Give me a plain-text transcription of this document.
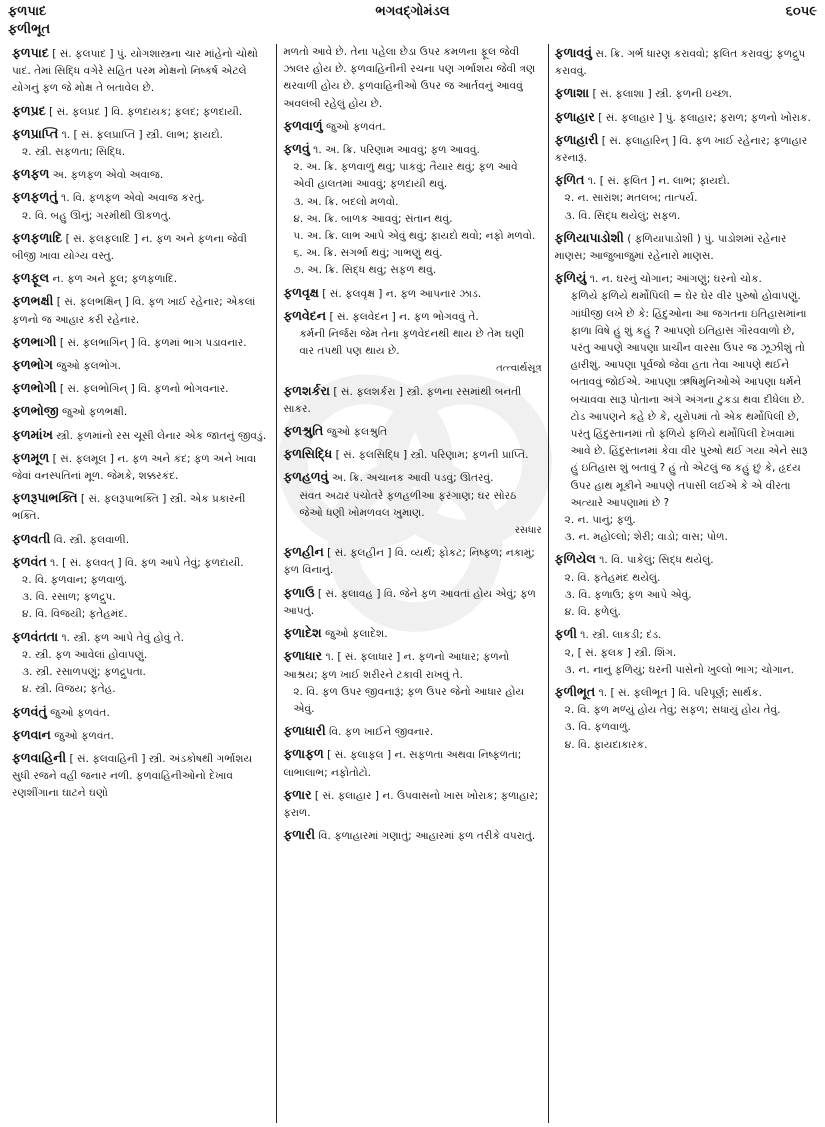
ફળપાદ	ભગવદ્ગોમંડલ	૬૦૫૯
ફળીભૂત
ફળપાદ [ સં. ફલપાદ ] પું. યોગશાસ્ત્રના ચાર માંહેનો ચોથો પાદ. તેમાં સિદ્ધિ વગેરે સહિત પરમ મોક્ષનો નિષ્કર્ષ એટલે યોગનું ફળ જે મોક્ષ તે બતાવેલ છે.
ફળપ્રદ [ સં. ફલપ્રદ ] વિ. ફળદાયક; ફલદ; ફળદાયી.
ફળપ્રાપ્તિ ૧. [ સં. ફલપ્રાપ્તિ ] સ્ત્રી. લાભ; ફાયદો.
૨. સ્ત્રી. સફળતા; સિદ્ધિ.
ફળફળ અ. ફળફળ એવો અવાજ.
ફળફળતું ૧. વિ. ફળફળ એવો અવાજ કરતું.
૨. વિ. બહુ ઊનું; ગરમીથી ઊકળતું.
ફળફળાદિ [ સં. ફલફલાદિ ] ન. ફળ અને ફળના જેવી બીજી ખાવા યોગ્ય વસ્તુ.
ફળફૂલ ન. ફળ અને ફૂલ; ફળફળાદિ.
ફળભક્ષી [ સં. ફલભક્ષિન્ ] વિ. ફળ ખાઈ રહેનાર; એકલાં ફળનો જ આહાર કરી રહેનાર.
ફળભાગી [ સં. ફલભાગિન્ ] વિ. ફળમાં ભાગ પડાવનાર.
ફળભોગ જુઓ ફલભોગ.
ફળભોગી [ સં. ફલભોગિન્ ] વિ. ફળનો ભોગવનાર.
ફળભોજી જુઓ ફળભક્ષી.
ફળમાંખ સ્ત્રી. ફળમાંનો રસ ચૂસી લેનાર એક જાતનું જીવડું.
ફળમૂળ [ સં. ફલમૂલ ] ન. ફળ અને કંદ; ફળ અને ખાવા જેવાં વનસ્પતિનાં મૂળ. જેમકે, શક્કરકંદ.
ફળરૂપાભક્તિ [ સં. ફલરૂપાભક્તિ ] સ્ત્રી. એક પ્રકારની ભક્તિ.
ફળવતી વિ. સ્ત્રી. ફલવાળી.
ફળવંત ૧. [ સં. ફલવત્ ] વિ. ફળ આપે તેવું; ફળદાયી.
૨. વિ. ફળવાન; ફળવાળું.
૩. વિ. રસાળ; ફળદ્રુપ.
૪. વિ. વિજયી; ફતેહમંદ.
ફળવંતતા ૧. સ્ત્રી. ફળ આપે તેવું હોવું તે.
૨. સ્ત્રી. ફળ આવેલાં હોવાપણું.
૩. સ્ત્રી. રસાળપણું; ફળદ્રુપતા.
૪. સ્ત્રી. વિજય; ફતેહ.
ફળવંતું જુઓ ફળવંત.
ફળવાન જુઓ ફળવંત.
ફળવાહિની [ સં. ફલવાહિની ] સ્ત્રી. અંડકોષથી ગર્ભાશય સુધી રજને વહી જનાર નળી. ફળવાહિનીઓનો દેખાવ રણશીંગાના ઘાટને ઘણો
મળતો આવે છે. તેના પહેલા છેડા ઉપર કમળના ફૂલ જેવી ઝાલર હોય છે. ફળવાહિનીની રચના પણ ગર્ભાશય જેવી ત્રણ થરવાળી હોય છે. ફળવાહિનીઓ ઉપર જ આર્તવનું આવવું અવલંબી રહેલું હોય છે.
ફળવાળું જુઓ ફળવંત.
ફળવું ૧. અ. ક્રિ. પરિણામ આવવું; ફળ આવવું.
૨. અ. ક્રિ. ફળવાળું થવું; પાકવું; તૈયાર થવું; ફળ આવે એવી હાલતમાં આવવું; ફળદાયી થવું.
૩. અ. ક્રિ. બદલો મળવો.
૪. અ. ક્રિ. બાળક આવવું; સંતાન થવું.
૫. અ. ક્રિ. લાભ આપે એવું થવું; ફાયદો થવો; નફો મળવો.
૬. અ. ક્રિ. સગર્ભા થવું; ગાભણું થવું.
૭. અ. ક્રિ. સિદ્ધ થવું; સફળ થવું.
ફળવૃક્ષ [ સં. ફલવૃક્ષ ] ન. ફળ આપનાર ઝાડ.
ફળવેદન [ સં. ફલવેદન ] ન. ફળ ભોગવવું તે.
કર્મની નિર્જરા જેમ તેના ફળવેદનથી થાય છે તેમ ઘણી વાર તપથી પણ થાય છે.
તત્ત્વાર્થસૂત્ર
ફળશર્કરા [ સં. ફલશર્કરા ] સ્ત્રી. ફળના રસમાંથી બનતી સાકર.
ફળશ્રુતિ જુઓ ફલશ્રુતિ
ફળસિદ્ધિ [ સં. ફલસિદ્ધિ ] સ્ત્રી. પરિણામ; ફળની પ્રાપ્તિ.
ફળહળવું અ. ક્રિ. અચાનક આવી પડવું; ઊતરવું.
સંવત અઢાર પંચોતરે ફળહળીઆ ફરંગાણ; ઘર સોરઠ જેઓ ધણી ખોમળવલ ખુમાણ.
રસધાર
ફળહીન [ સં. ફલહીન ] વિ. વ્યર્થ; ફોકટ; નિષ્ફળ; નકામું; ફળ વિનાનું.
ફળાઉ [ સં. ફલાવહ ] વિ. જેને ફળ આવતાં હોય એવું; ફળ આપતું.
ફળાદેશ જુઓ ફલાદેશ.
ફળાધાર ૧. [ સં. ફલાધાર ] ન. ફળનો આધાર; ફળનો આશ્રય; ફળ ખાઈ શરીરને ટકાવી રાખવું તે.
૨. વિ. ફળ ઉપર જીવનારૂં; ફળ ઉપર જેનો આધાર હોય એવું.
ફળાધારી વિ. ફળ ખાઈને જીવનાર.
ફળાફળ [ સં. ફલાફલ ] ન. સફળતા અથવા નિષ્ફળતા; લાભાલાભ; નફોતોટો.
ફળાર [ સં. ફલાહાર ] ન. ઉપવાસનો ખાસ ખોરાક; ફળાહાર; ફરાળ.
ફળારી વિ. ફળાહારમાં ગણાતું; આહારમાં ફળ તરીકે વપરાતું.
ફળાવવું સ. ક્રિ. ગર્ભ ધારણ કરાવવો; ફલિત કરાવવું; ફળદ્રુપ કરાવવું.
ફળાશા [ સં. ફલાશા ] સ્ત્રી. ફળની ઇચ્છા.
ફળાહાર [ સં. ફલાહાર ] પું. ફલાહાર; ફરાળ; ફળનો ખોરાક.
ફળાહારી [ સં. ફલાહારિન્ ] વિ. ફળ ખાઈ રહેનાર; ફળાહાર કરનારૂં.
ફળિત ૧. [ સં. ફલિત ] ન. લાભ; ફાયદો.
૨. ન. સારાંશ; મતલબ; તાત્પર્ય.
૩. વિ. સિદ્ધ થયેલું; સફળ.
ફળિયાપાડોશી ( ફળિયાપાડોશી ) પું. પાડોશમાં રહેનાર માણસ; આજુબાજુમાં રહેનારો માણસ.
ફળિયું ૧. ન. ઘરનું ચોગાન; આંગણું; ઘરનો ચોક.
ફળિયે ફળિયે થર્મોપિલી = ઘેર ઘેર વીર પુરુષો હોવાપણું. ગાંધીજી લખે છે કે: હિંદુઓના આ જગતના ઇતિહાસમાંના ફાળા વિષે હું શું કહું ? આપણો ઇતિહાસ ગૌરવવાળો છે, પરંતુ આપણે આપણા પ્રાચીન વારસા ઉપર જ ઝૂઝીશું તો હારીશું. આપણા પૂર્વજો જેવા હતા તેવા આપણે થઈને બતાવવું જોઈએ. આપણા ઋષિમુનિઓએ આપણા ધર્મને બચાવવા સારૂ પોતાના અંગે અંગના ટુકડા થવા દીધેલા છે. ટોડ આપણને કહે છે કે, યુરોપમાં તો એક થર્મોપિલી છે, પરંતુ હિંદુસ્તાનમાં તો ફળિયે ફળિયે થર્મોપિલી દેખવામાં આવે છે. હિંદુસ્તાનમાં કેવા વીર પુરુષો થઈ ગયા એને સારૂ હું ઇતિહાસ શું બતાવું ? હું તો એટલું જ કહું છું કે, હૃદય ઉપર હાથ મૂકીને આપણે તપાસી લઈએ કે એ વીરતા અત્યારે આપણામાં છે ?
૨. ન. પાનું; ફળું.
૩. ન. મહોલ્લો; શેરી; વાડો; વાસ; પોળ.
ફળિયેલ ૧. વિ. પાકેલું; સિદ્ધ થયેલું.
૨. વિ. ફતેહમંદ થયેલું.
૩. વિ. ફળાઉ; ફળ આપે એવું.
૪. વિ. ફળેલું.
ફળી ૧. સ્ત્રી. લાકડી; દંડ.
૨, [ સં. ફલક ] સ્ત્રી. શિંગ.
૩. ન. નાનું ફળિયું; ઘરની પાસેનો ખુલ્લો ભાગ; ચોગાન.
ફળીભૂત ૧. [ સં. ફલીભૂત ] વિ. પરિપૂર્ણ; સાર્થક.
૨. વિ. ફળ મળ્યું હોય તેવું; સફળ; સધાયું હોય તેવું.
૩. વિ. ફળવાળું.
૪. વિ. ફાયદાકારક.
